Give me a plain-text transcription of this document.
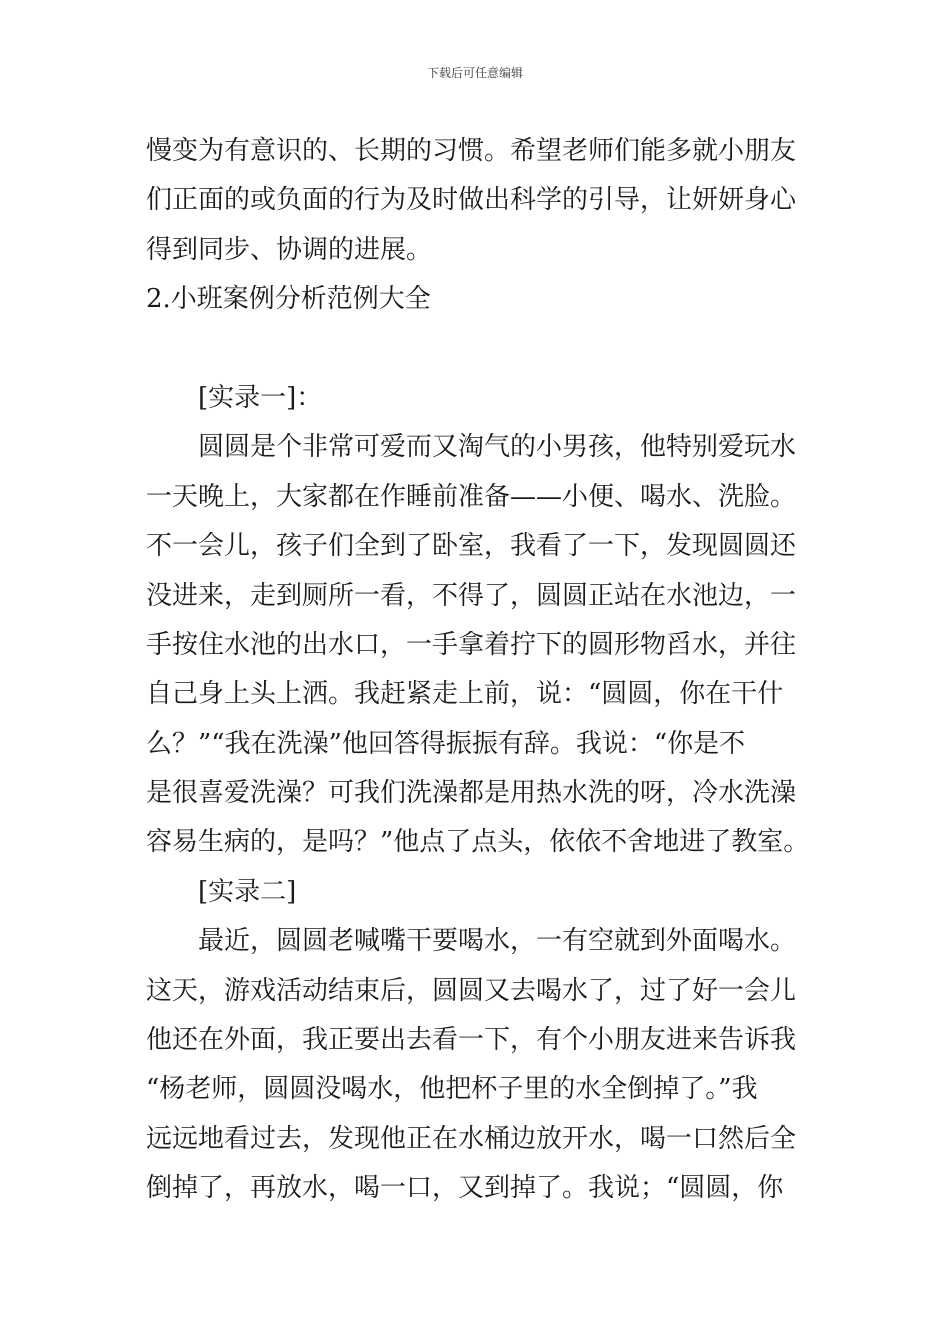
下载后可任意编辑
慢变为有意识的、长期的习惯。希望老师们能多就小朋友
们正面的或负面的行为及时做出科学的引导，让妍妍身心
得到同步、协调的进展。
2.小班案例分析范例大全
[实录一]：
圆圆是个非常可爱而又淘气的小男孩，他特别爱玩水
一天晚上，大家都在作睡前准备——小便、喝水、洗脸。
不一会儿，孩子们全到了卧室，我看了一下，发现圆圆还
没进来，走到厕所一看，不得了，圆圆正站在水池边，一
手按住水池的出水口，一手拿着拧下的圆形物舀水，并往
自己身上头上洒。我赶紧走上前，说：“圆圆，你在干什
么？”“我在洗澡”他回答得振振有辞。我说：“你是不
是很喜爱洗澡？可我们洗澡都是用热水洗的呀，冷水洗澡
容易生病的，是吗？”他点了点头，依依不舍地进了教室。
[实录二]
最近，圆圆老喊嘴干要喝水，一有空就到外面喝水。
这天，游戏活动结束后，圆圆又去喝水了，过了好一会儿
他还在外面，我正要出去看一下，有个小朋友进来告诉我
“杨老师，圆圆没喝水，他把杯子里的水全倒掉了。”我
远远地看过去，发现他正在水桶边放开水，喝一口然后全
倒掉了，再放水，喝一口，又到掉了。我说；“圆圆，你
